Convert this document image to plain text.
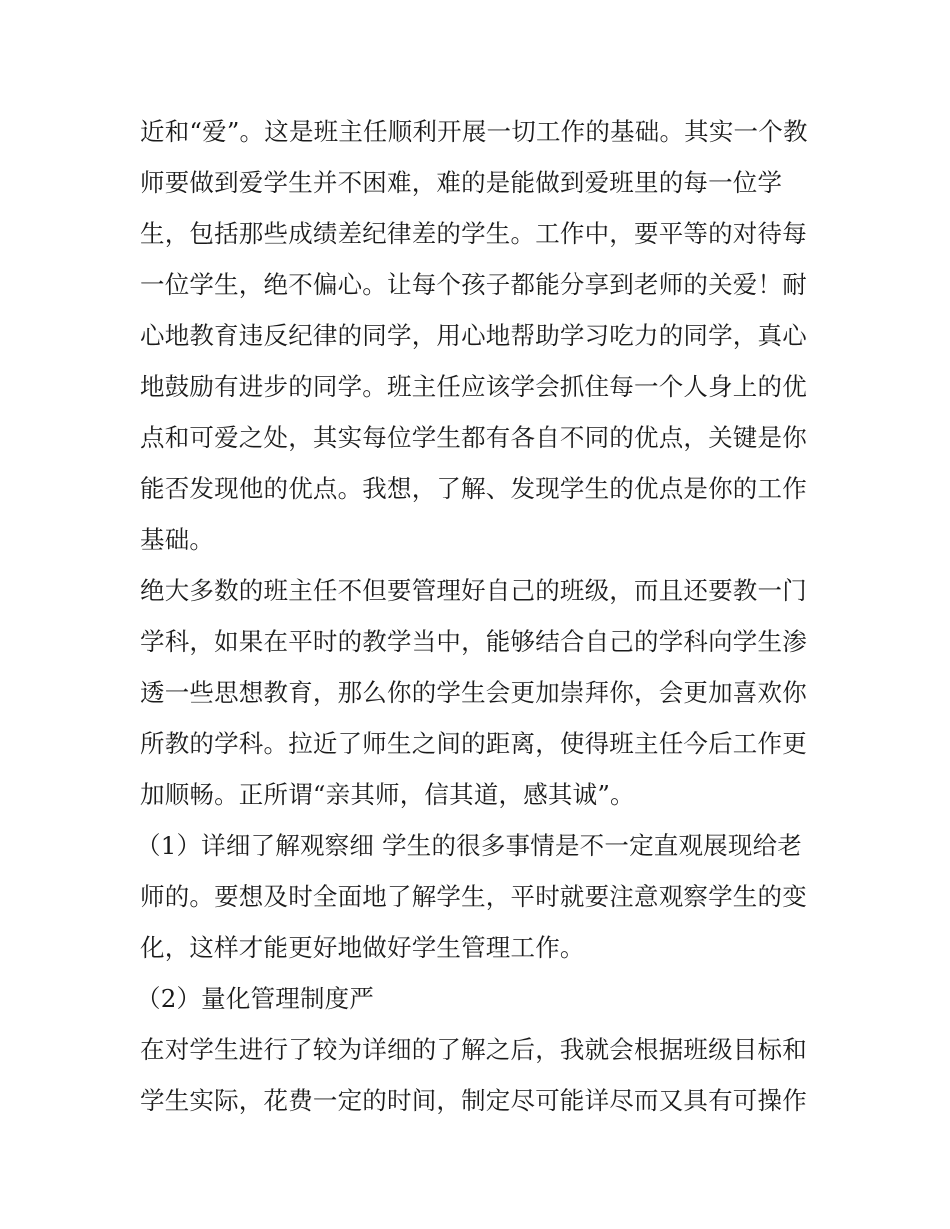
近和“爱”。这是班主任顺利开展一切工作的基础。其实一个教
师要做到爱学生并不困难，难的是能做到爱班里的每一位学
生，包括那些成绩差纪律差的学生。工作中，要平等的对待每
一位学生，绝不偏心。让每个孩子都能分享到老师的关爱！耐
心地教育违反纪律的同学，用心地帮助学习吃力的同学，真心
地鼓励有进步的同学。班主任应该学会抓住每一个人身上的优
点和可爱之处，其实每位学生都有各自不同的优点，关键是你
能否发现他的优点。我想，了解、发现学生的优点是你的工作
基础。
绝大多数的班主任不但要管理好自己的班级，而且还要教一门
学科，如果在平时的教学当中，能够结合自己的学科向学生渗
透一些思想教育，那么你的学生会更加崇拜你，会更加喜欢你
所教的学科。拉近了师生之间的距离，使得班主任今后工作更
加顺畅。正所谓“亲其师，信其道，感其诚”。
（1）详细了解观察细 学生的很多事情是不一定直观展现给老
师的。要想及时全面地了解学生，平时就要注意观察学生的变
化，这样才能更好地做好学生管理工作。
（2）量化管理制度严
在对学生进行了较为详细的了解之后，我就会根据班级目标和
学生实际，花费一定的时间，制定尽可能详尽而又具有可操作
